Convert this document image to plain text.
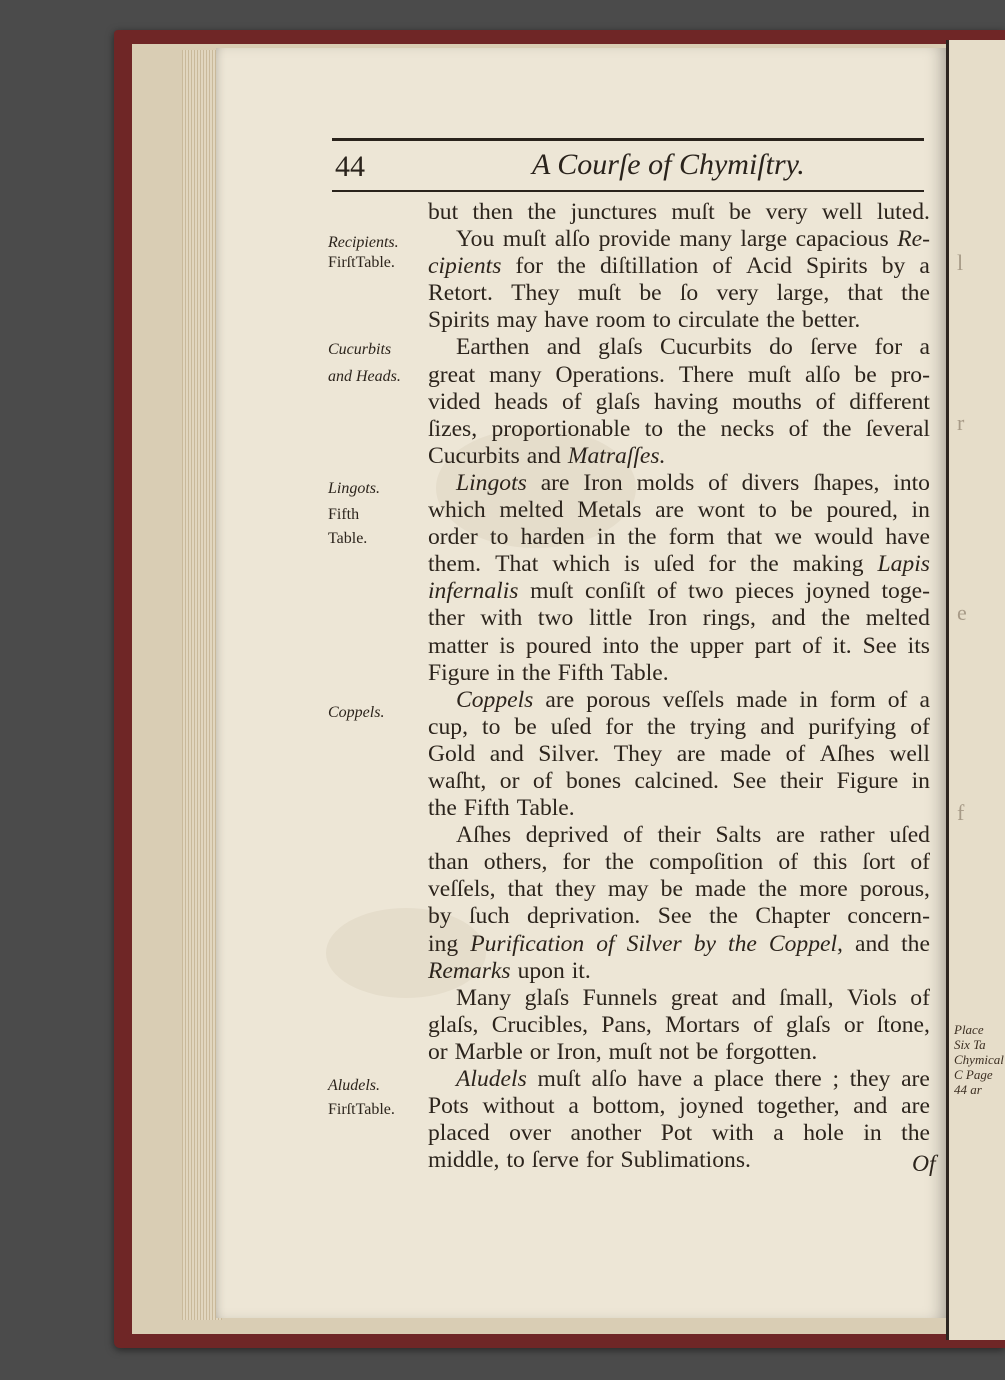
l
r
e
f
Place Six Ta Chymical C Page 44 ar
44	A Courſe of Chymiſtry.
Recipients.
FirſtTable.
Cucurbits
and Heads.
Lingots.
Fifth
Table.
Coppels.
Aludels.
FirſtTable.
but then the junctures muſt be very well luted.
You muſt alſo provide many large capacious Re-
cipients for the diſtillation of Acid Spirits by a
Retort. They muſt be ſo very large, that the
Spirits may have room to circulate the better.
Earthen and glaſs Cucurbits do ſerve for a
great many Operations. There muſt alſo be pro-
vided heads of glaſs having mouths of different
ſizes, proportionable to the necks of the ſeveral
Cucurbits and Matraſſes.
Lingots are Iron molds of divers ſhapes, into
which melted Metals are wont to be poured, in
order to harden in the form that we would have
them. That which is uſed for the making Lapis
infernalis muſt conſiſt of two pieces joyned toge-
ther with two little Iron rings, and the melted
matter is poured into the upper part of it. See its
Figure in the Fifth Table.
Coppels are porous veſſels made in form of a
cup, to be uſed for the trying and purifying of
Gold and Silver. They are made of Aſhes well
waſht, or of bones calcined. See their Figure in
the Fifth Table.
Aſhes deprived of their Salts are rather uſed
than others, for the compoſition of this ſort of
veſſels, that they may be made the more porous,
by ſuch deprivation. See the Chapter concern-
ing Purification of Silver by the Coppel, and the
Remarks upon it.
Many glaſs Funnels great and ſmall, Viols of
glaſs, Crucibles, Pans, Mortars of glaſs or ſtone,
or Marble or Iron, muſt not be forgotten.
Aludels muſt alſo have a place there ; they are
Pots without a bottom, joyned together, and are
placed over another Pot with a hole in the
middle, to ſerve for Sublimations.	Of
